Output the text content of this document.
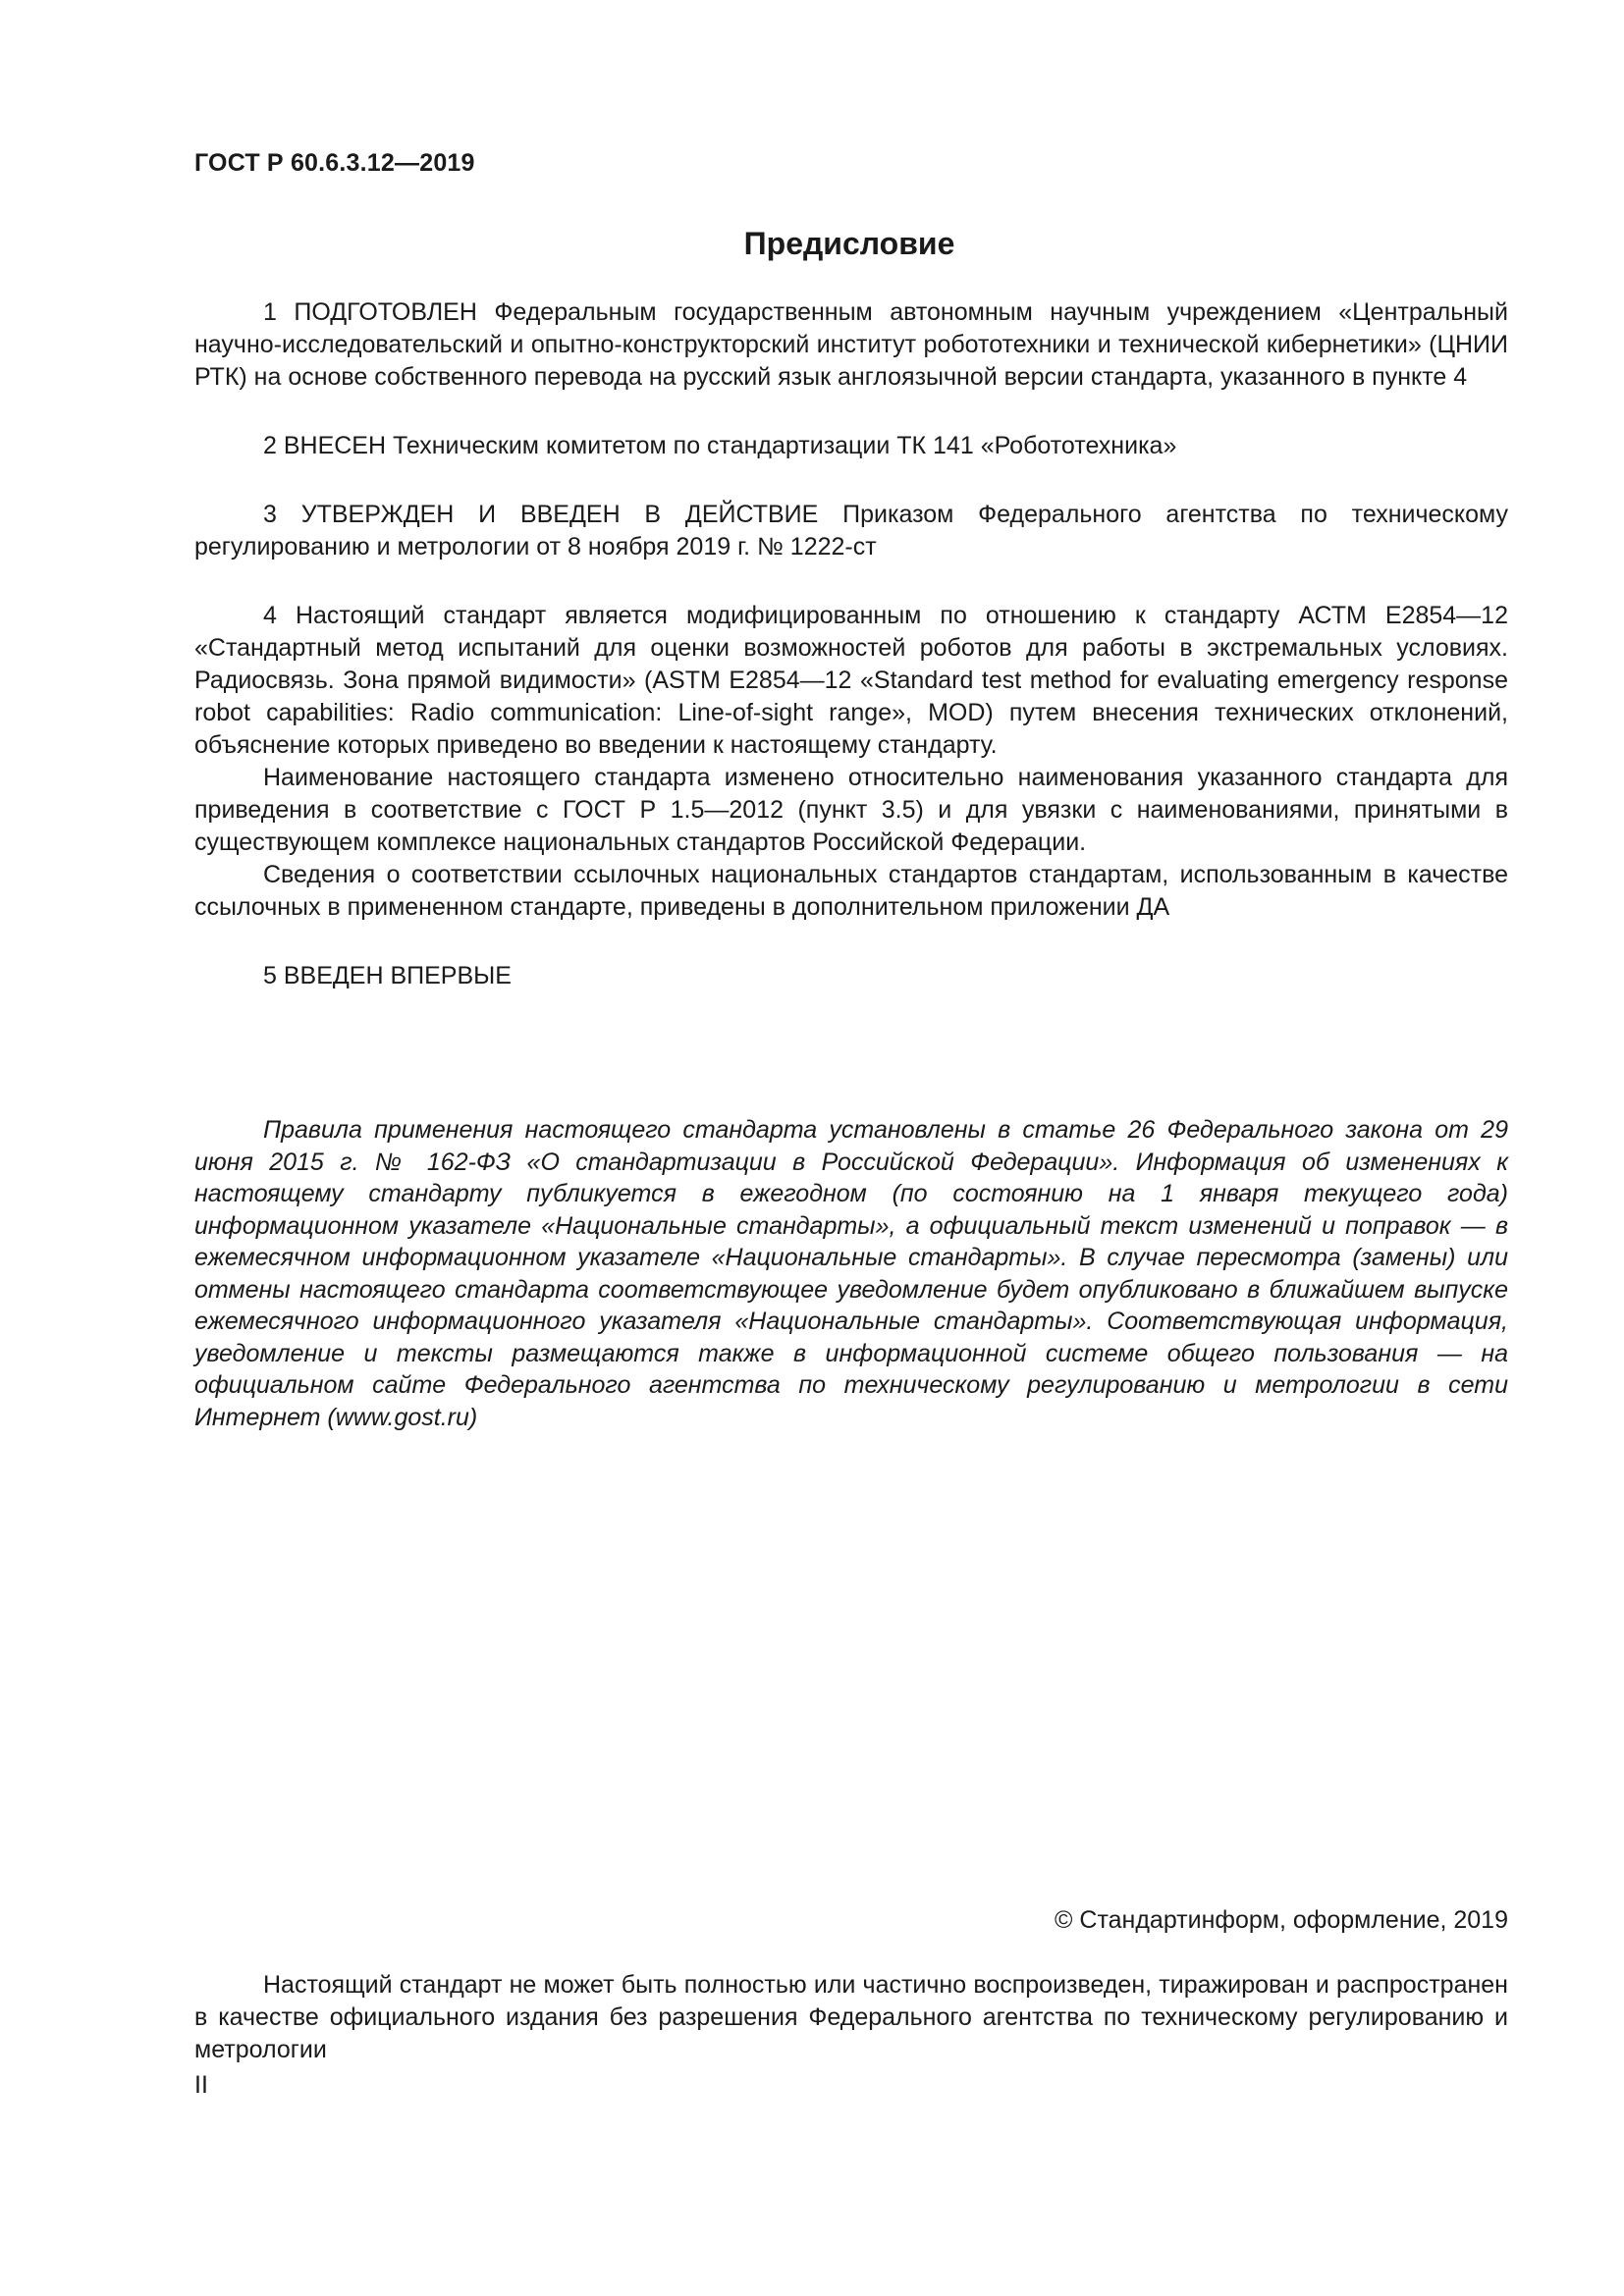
ГОСТ Р 60.6.3.12—2019
Предисловие

1 ПОДГОТОВЛЕН Федеральным государственным автономным научным учреждением «Центральный научно-исследовательский и опытно-конструкторский институт робототехники и технической кибернетики» (ЦНИИ РТК) на основе собственного перевода на русский язык англоязычной версии стандарта, указанного в пункте 4

2 ВНЕСЕН Техническим комитетом по стандартизации ТК 141 «Робототехника»

3 УТВЕРЖДЕН И ВВЕДЕН В ДЕЙСТВИЕ Приказом Федерального агентства по техническому регулированию и метрологии от 8 ноября 2019 г. № 1222-ст

4 Настоящий стандарт является модифицированным по отношению к стандарту АСТМ Е2854—12 «Стандартный метод испытаний для оценки возможностей роботов для работы в экстремальных условиях. Радиосвязь. Зона прямой видимости» (ASTM E2854—12 «Standard test method for evaluating emergency response robot capabilities: Radio communication: Line-of-sight range», MOD) путем внесения технических отклонений, объяснение которых приведено во введении к настоящему стандарту.

Наименование настоящего стандарта изменено относительно наименования указанного стандарта для приведения в соответствие с ГОСТ Р 1.5—2012 (пункт 3.5) и для увязки с наименованиями, принятыми в существующем комплексе национальных стандартов Российской Федерации.

Сведения о соответствии ссылочных национальных стандартов стандартам, использованным в качестве ссылочных в примененном стандарте, приведены в дополнительном приложении ДА

5 ВВЕДЕН ВПЕРВЫЕ

Правила применения настоящего стандарта установлены в статье 26 Федерального закона от 29 июня 2015 г. № 162-ФЗ «О стандартизации в Российской Федерации». Информация об изменениях к настоящему стандарту публикуется в ежегодном (по состоянию на 1 января текущего года) информационном указателе «Национальные стандарты», а официальный текст изменений и поправок — в ежемесячном информационном указателе «Национальные стандарты». В случае пересмотра (замены) или отмены настоящего стандарта соответствующее уведомление будет опубликовано в ближайшем выпуске ежемесячного информационного указателя «Национальные стандарты». Соответствующая информация, уведомление и тексты размещаются также в информационной системе общего пользования — на официальном сайте Федерального агентства по техническому регулированию и метрологии в сети Интернет (www.gost.ru)

© Стандартинформ, оформление, 2019

Настоящий стандарт не может быть полностью или частично воспроизведен, тиражирован и распространен в качестве официального издания без разрешения Федерального агентства по техническому регулированию и метрологии

II
